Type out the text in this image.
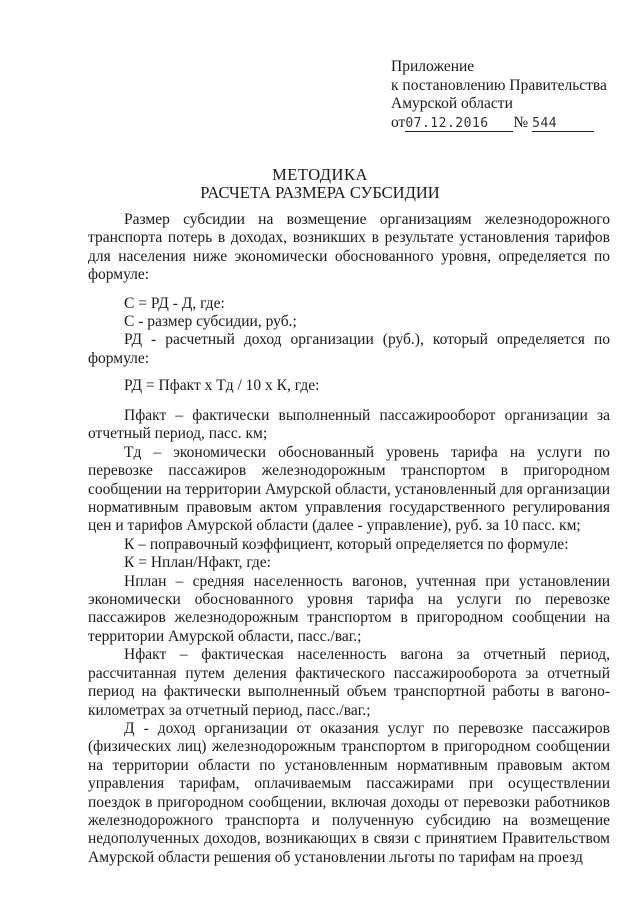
Приложение
к постановлению Правительства
Амурской области
от07.12.2016 № 544
МЕТОДИКА
РАСЧЕТА РАЗМЕРА СУБСИДИИ

Размер субсидии на возмещение организациям железнодорожного транспорта потерь в доходах, возникших в результате установления тарифов для населения ниже экономически обоснованного уровня, определяется по формуле:

С = РД - Д, где:

С - размер субсидии, руб.;

РД - расчетный доход организации (руб.), который определяется по формуле:

РД = Пфакт х Тд / 10 х К, где:

Пфакт – фактически выполненный пассажирооборот организации за отчетный период, пасс. км;

Тд – экономически обоснованный уровень тарифа на услуги по перевозке пассажиров железнодорожным транспортом в пригородном сообщении на территории Амурской области, установленный для организации нормативным правовым актом управления государственного регулирования цен и тарифов Амурской области (далее - управление), руб. за 10 пасс. км;

К – поправочный коэффициент, который определяется по формуле:

К = Нплан/Нфакт, где:

Нплан – средняя населенность вагонов, учтенная при установлении экономически обоснованного уровня тарифа на услуги по перевозке пассажиров железнодорожным транспортом в пригородном сообщении на территории Амурской области, пасс./ваг.;

Нфакт – фактическая населенность вагона за отчетный период, рассчитанная путем деления фактического пассажирооборота за отчетный период на фактически выполненный объем транспортной работы в вагоно-километрах за отчетный период, пасс./ваг.;

Д - доход организации от оказания услуг по перевозке пассажиров (физических лиц) железнодорожным транспортом в пригородном сообщении на территории области по установленным нормативным правовым актом управления тарифам, оплачиваемым пассажирами при осуществлении поездок в пригородном сообщении, включая доходы от перевозки работников железнодорожного транспорта и полученную субсидию на возмещение недополученных доходов, возникающих в связи с принятием Правительством Амурской области решения об установлении льготы по тарифам на проезд
